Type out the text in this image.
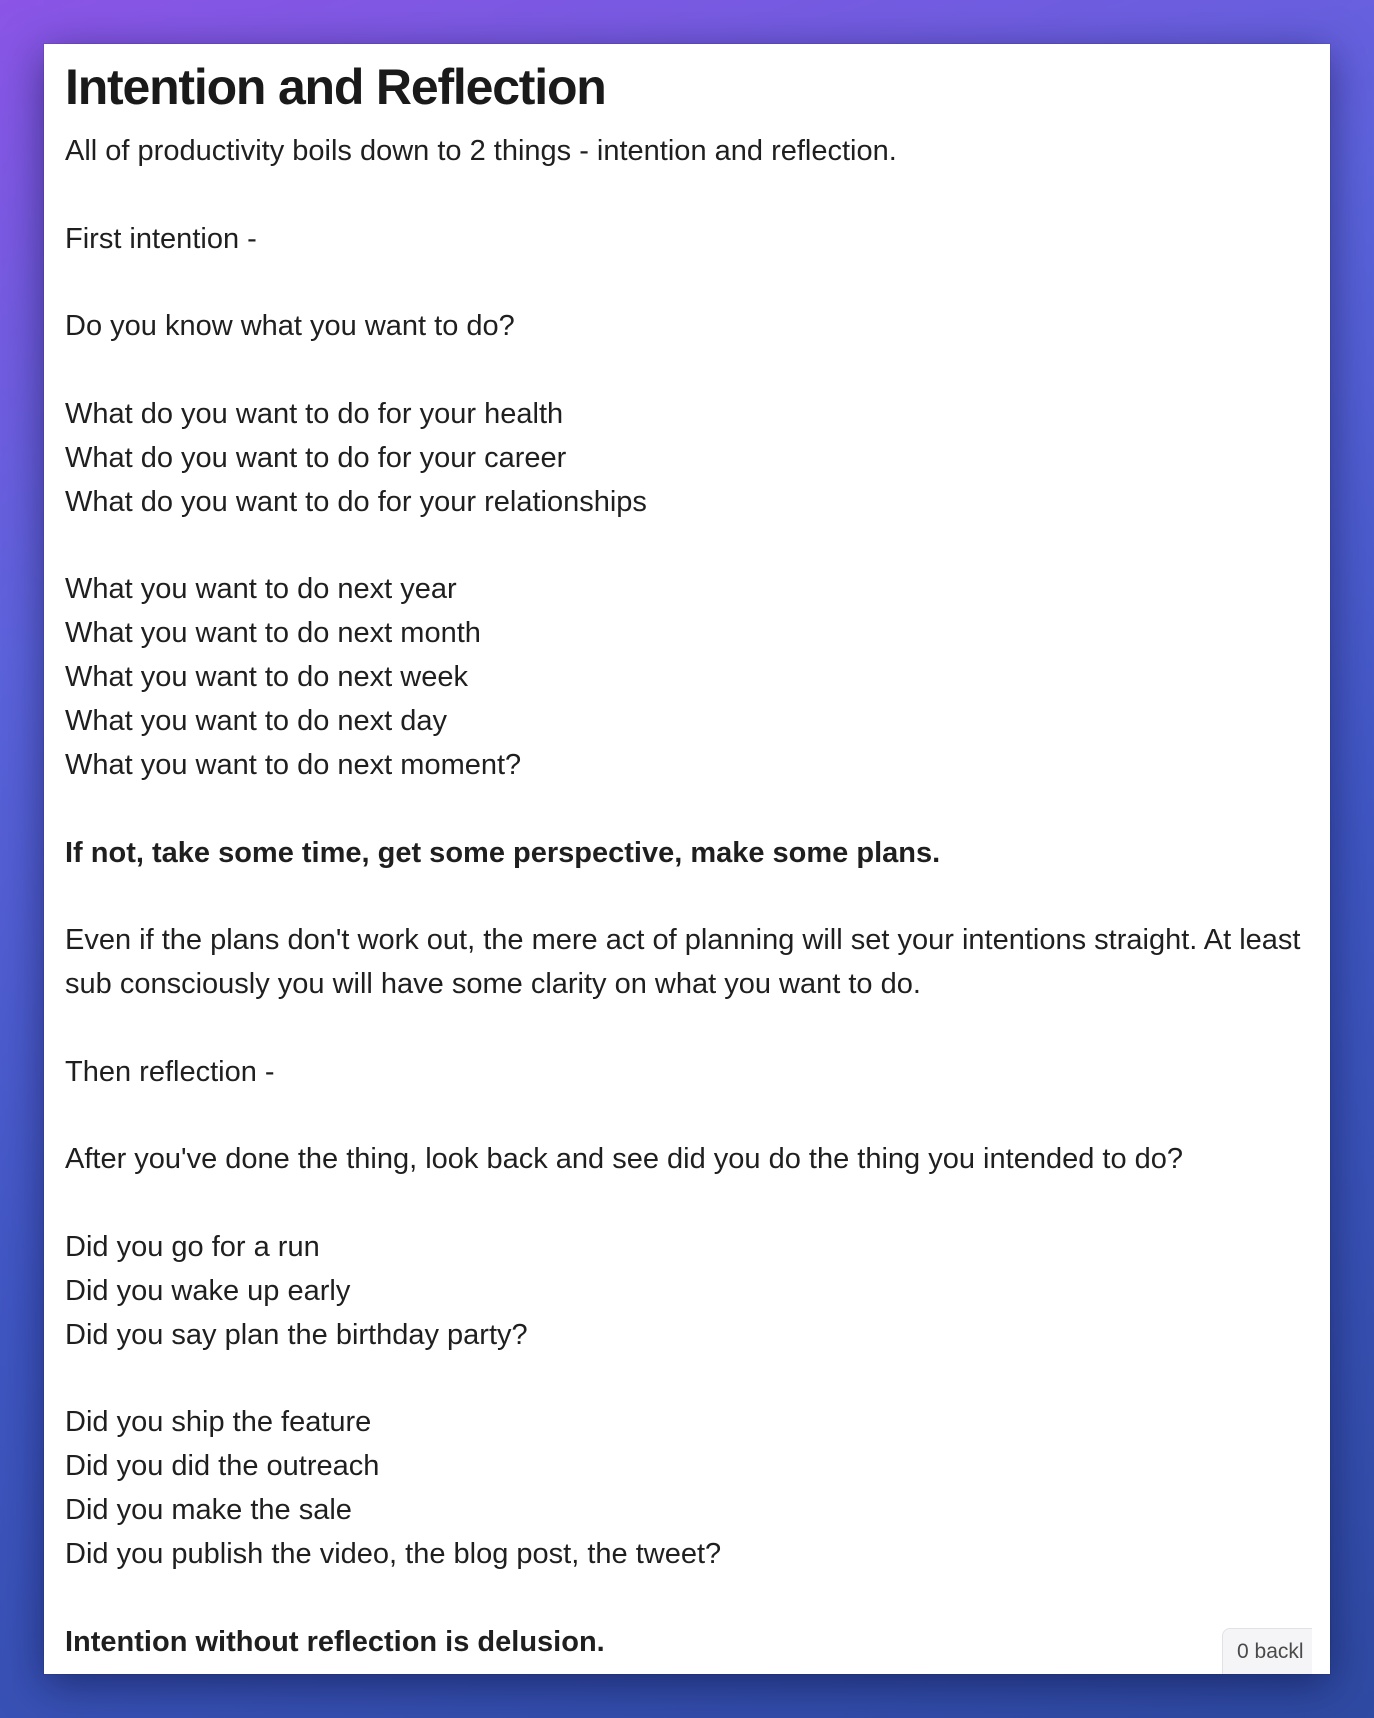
Intention and Reflection
All of productivity boils down to 2 things - intention and reflection.
First intention -
Do you know what you want to do?
What do you want to do for your health
What do you want to do for your career
What do you want to do for your relationships
What you want to do next year
What you want to do next month
What you want to do next week
What you want to do next day
What you want to do next moment?
If not, take some time, get some perspective, make some plans.
Even if the plans don't work out, the mere act of planning will set your intentions straight. At least sub consciously you will have some clarity on what you want to do.
Then reflection -
After you've done the thing, look back and see did you do the thing you intended to do?
Did you go for a run
Did you wake up early
Did you say plan the birthday party?
Did you ship the feature
Did you did the outreach
Did you make the sale
Did you publish the video, the blog post, the tweet?
Intention without reflection is delusion.	0 backl
